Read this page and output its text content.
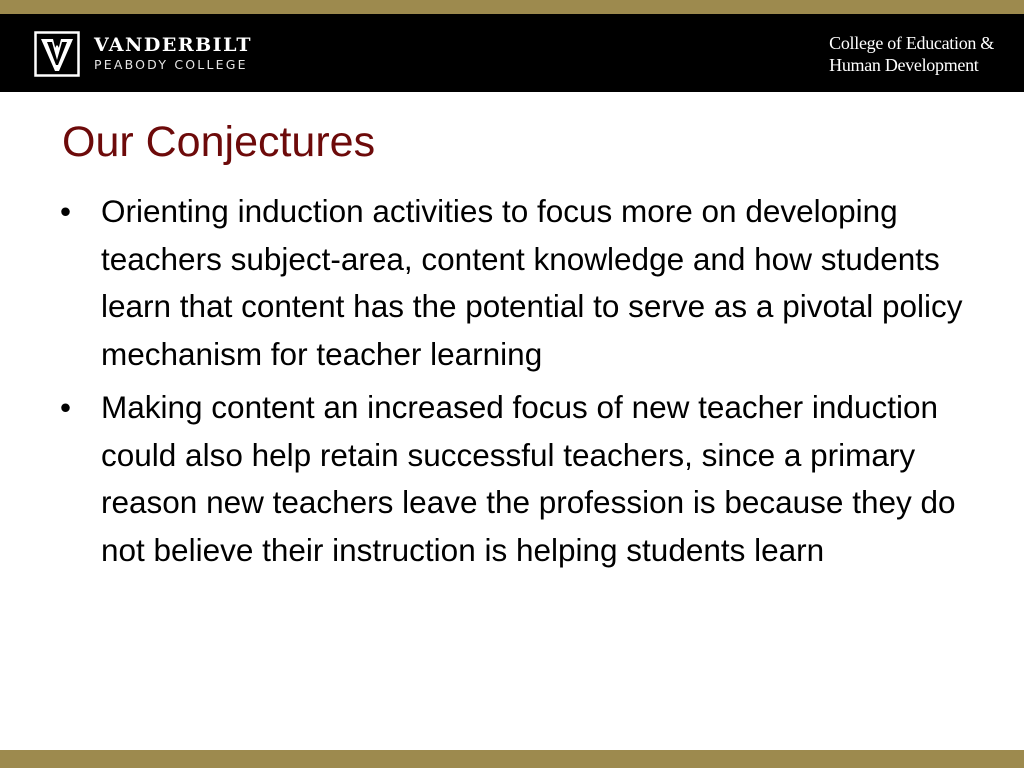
VANDERBILT
PEABODY COLLEGE
College of Education &
Human Development
Our Conjectures
• Orienting induction activities to focus more on developing teachers subject-area, content knowledge and how students learn that content has the potential to serve as a pivotal policy mechanism for teacher learning
• Making content an increased focus of new teacher induction could also help retain successful teachers, since a primary reason new teachers leave the profession is because they do not believe their instruction is helping students learn
